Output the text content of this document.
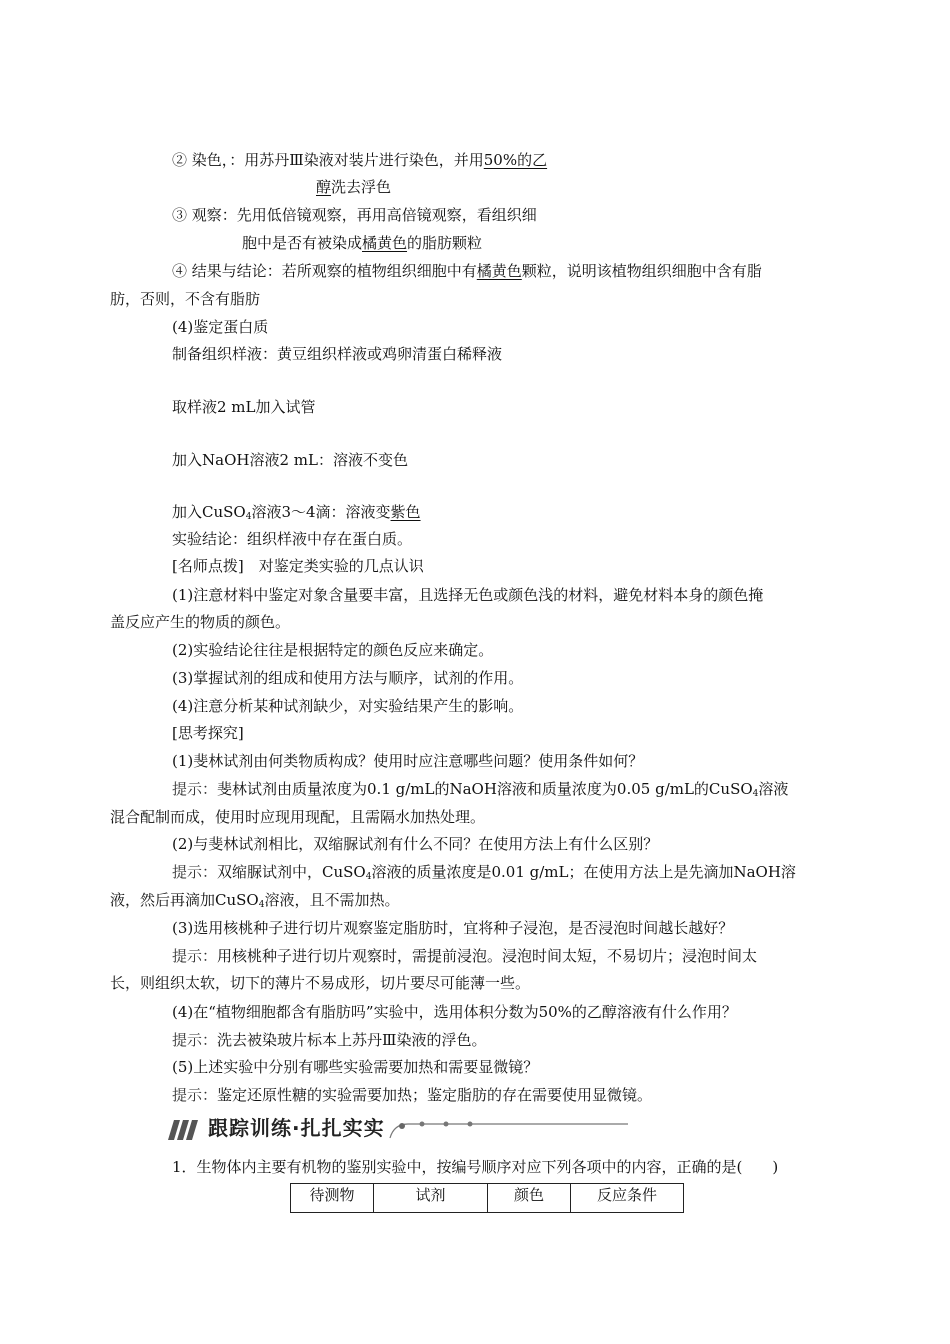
② 染色，：用苏丹Ⅲ染液对装片进行染色，并用50%的乙
醇洗去浮色
③ 观察：先用低倍镜观察，再用高倍镜观察，看组织细
胞中是否有被染成橘黄色的脂肪颗粒
④ 结果与结论：若所观察的植物组织细胞中有橘黄色颗粒，说明该植物组织细胞中含有脂
肪，否则，不含有脂肪
(4)鉴定蛋白质
制备组织样液：黄豆组织样液或鸡卵清蛋白稀释液
取样液2 mL加入试管
加入NaOH溶液2 mL：溶液不变色
加入CuSO$_4$溶液3～4滴：溶液变紫色
实验结论：组织样液中存在蛋白质。
[名师点拨]　对鉴定类实验的几点认识
(1)注意材料中鉴定对象含量要丰富，且选择无色或颜色浅的材料，避免材料本身的颜色掩
盖反应产生的物质的颜色。
(2)实验结论往往是根据特定的颜色反应来确定。
(3)掌握试剂的组成和使用方法与顺序，试剂的作用。
(4)注意分析某种试剂缺少，对实验结果产生的影响。
[思考探究]
(1)斐林试剂由何类物质构成？使用时应注意哪些问题？使用条件如何？
提示：斐林试剂由质量浓度为0.1 g/mL的NaOH溶液和质量浓度为0.05 g/mL的CuSO$_4$溶液
混合配制而成，使用时应现用现配，且需隔水加热处理。
(2)与斐林试剂相比，双缩脲试剂有什么不同？在使用方法上有什么区别？
提示：双缩脲试剂中，CuSO$_4$溶液的质量浓度是0.01 g/mL；在使用方法上是先滴加NaOH溶
液，然后再滴加CuSO$_4$溶液，且不需加热。
(3)选用核桃种子进行切片观察鉴定脂肪时，宜将种子浸泡，是否浸泡时间越长越好？
提示：用核桃种子进行切片观察时，需提前浸泡。浸泡时间太短，不易切片；浸泡时间太
长，则组织太软，切下的薄片不易成形，切片要尽可能薄一些。
(4)在“植物细胞都含有脂肪吗”实验中，选用体积分数为50%的乙醇溶液有什么作用？
提示：洗去被染玻片标本上苏丹Ⅲ染液的浮色。
(5)上述实验中分别有哪些实验需要加热和需要显微镜？
提示：鉴定还原性糖的实验需要加热；鉴定脂肪的存在需要使用显微镜。
跟踪训练·扎扎实实
1．生物体内主要有机物的鉴别实验中，按编号顺序对应下列各项中的内容，正确的是(　　)
待测物	试剂	颜色	反应条件
